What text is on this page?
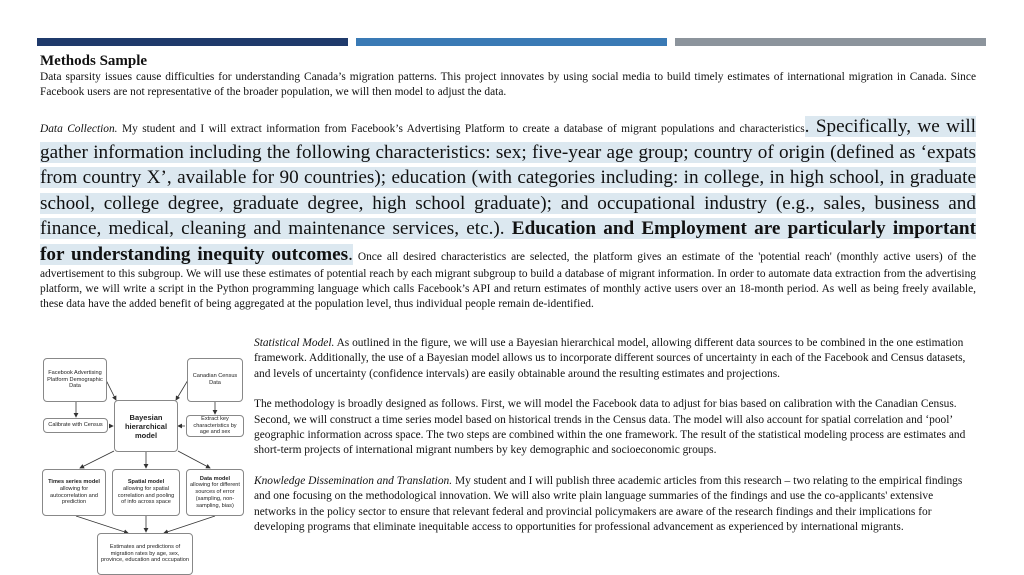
Methods Sample

Data sparsity issues cause difficulties for understanding Canada’s migration patterns. This project innovates by using social media to build timely estimates of international migration in Canada. Since Facebook users are not representative of the broader population, we will then model to adjust the data.

Data Collection. My student and I will extract information from Facebook’s Advertising Platform to create a database of migrant populations and characteristics. Specifically, we will gather information including the following characteristics: sex; five-year age group; country of origin (defined as ‘expats from country X’, available for 90 countries); education (with categories including: in college, in high school, in graduate school, college degree, graduate degree, high school graduate); and occupational industry (e.g., sales, business and finance, medical, cleaning and maintenance services, etc.). Education and Employment are particularly important for understanding inequity outcomes. Once all desired characteristics are selected, the platform gives an estimate of the 'potential reach' (monthly active users) of the advertisement to this subgroup. We will use these estimates of potential reach by each migrant subgroup to build a database of migrant information. In order to automate data extraction from the advertising platform, we will write a script in the Python programming language which calls Facebook’s API and return estimates of monthly active users over an 18-month period. As well as being freely available, these data have the added benefit of being aggregated at the population level, thus individual people remain de-identified.

Facebook Advertising Platform Demographic Data
Canadian Census Data
Calibrate with Census
Extract key characteristics by age and sex
Bayesian hierarchical model
Times series model
allowing for autocorrelation and prediction
Spatial model
allowing for spatial correlation and pooling of info across space
Data model
allowing for different sources of error (sampling, non-sampling, bias)
Estimates and predictions of migration rates by age, sex, province, education and occupation

Statistical Model. As outlined in the figure, we will use a Bayesian hierarchical model, allowing different data sources to be combined in the one estimation framework. Additionally, the use of a Bayesian model allows us to incorporate different sources of uncertainty in each of the Facebook and Census datasets, and levels of uncertainty (confidence intervals) are easily obtainable around the resulting estimates and projections.

The methodology is broadly designed as follows. First, we will model the Facebook data to adjust for bias based on calibration with the Canadian Census. Second, we will construct a time series model based on historical trends in the Census data. The model will also account for spatial correlation and ‘pool’ geographic information across space. The two steps are combined within the one framework. The result of the statistical modeling process are estimates and short-term projects of international migrant numbers by key demographic and socioeconomic groups.

Knowledge Dissemination and Translation. My student and I will publish three academic articles from this research – two relating to the empirical findings and one focusing on the methodological innovation. We will also write plain language summaries of the findings and use the co-applicants' extensive networks in the policy sector to ensure that relevant federal and provincial policymakers are aware of the research findings and their implications for developing programs that eliminate inequitable access to opportunities for professional advancement as experienced by international migrants.
